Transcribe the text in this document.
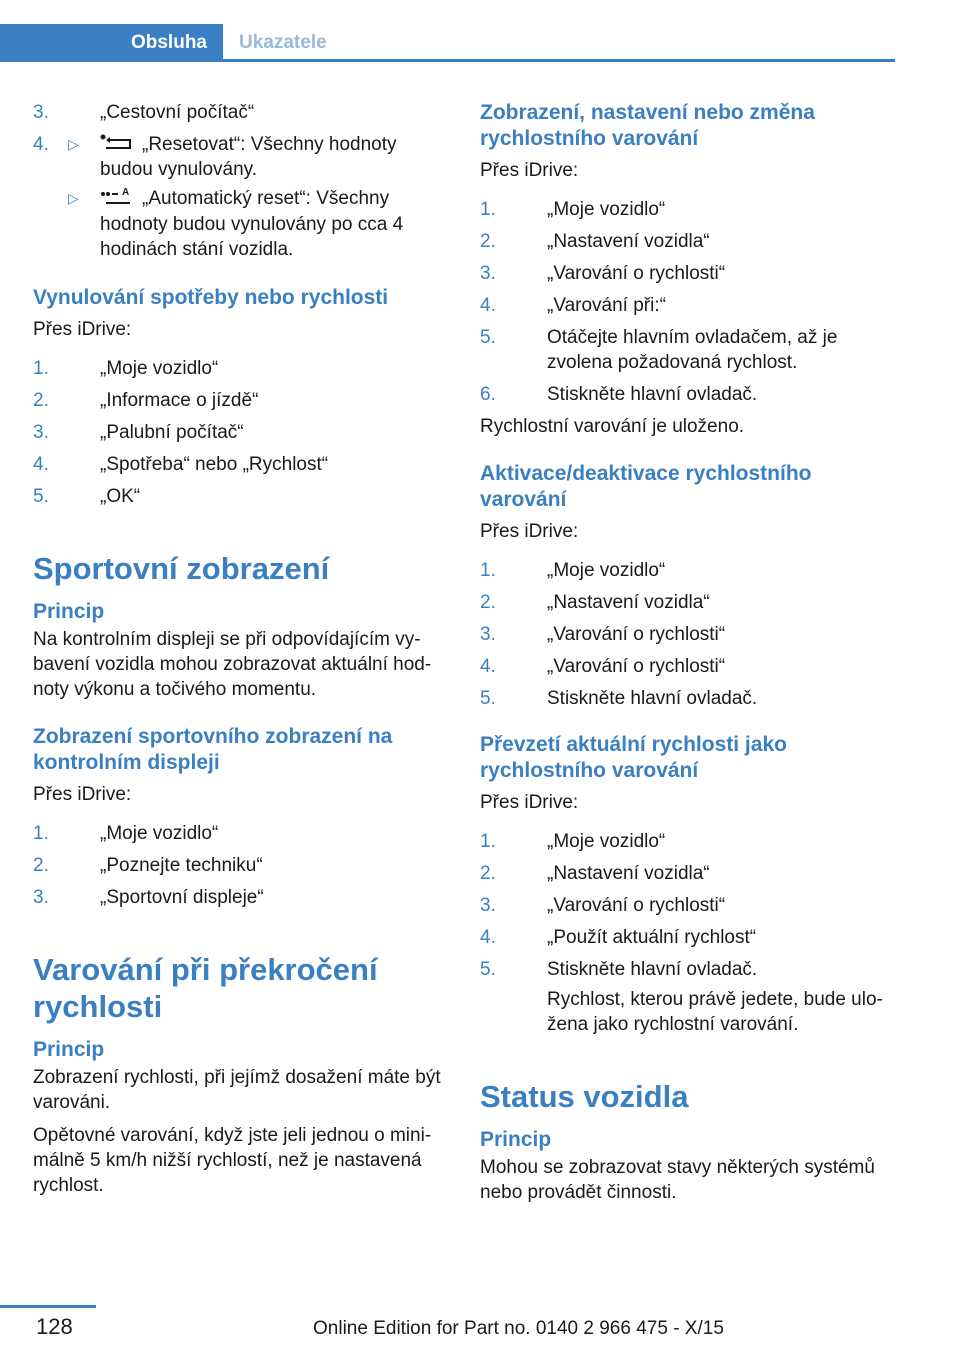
Obsluha	Ukazatele
3.	„Cestovní počítač“
4. ▷	„Resetovat“: Všechny hodnoty budou vynulovány.
▷	A „Automatický reset“: Všechny hodnoty budou vynulovány po cca 4 hodinách stání vozidla.
Vynulování spotřeby nebo rychlosti
Přes iDrive:
1.	„Moje vozidlo“
2.	„Informace o jízdě“
3.	„Palubní počítač“
4.	„Spotřeba“ nebo „Rychlost“
5.	„OK“
Sportovní zobrazení
Princip
Na kontrolním displeji se při odpovídajícím vybavení vozidla mohou zobrazovat aktuální hodnoty výkonu a točivého momentu.
Zobrazení sportovního zobrazení na kontrolním displeji
Přes iDrive:
1.	„Moje vozidlo“
2.	„Poznejte techniku“
3.	„Sportovní displeje“
Varování při překročení rychlosti
Princip
Zobrazení rychlosti, při jejímž dosažení máte být varováni.
Opětovné varování, když jste jeli jednou o minimálně 5 km/h nižší rychlostí, než je nastavená rychlost.
Zobrazení, nastavení nebo změna rychlostního varování
Přes iDrive:
1.	„Moje vozidlo“
2.	„Nastavení vozidla“
3.	„Varování o rychlosti“
4.	„Varování při:“
5.	Otáčejte hlavním ovladačem, až je zvolena požadovaná rychlost.
6.	Stiskněte hlavní ovladač.
Rychlostní varování je uloženo.
Aktivace/deaktivace rychlostního varování
Přes iDrive:
1.	„Moje vozidlo“
2.	„Nastavení vozidla“
3.	„Varování o rychlosti“
4.	„Varování o rychlosti“
5.	Stiskněte hlavní ovladač.
Převzetí aktuální rychlosti jako rychlostního varování
Přes iDrive:
1.	„Moje vozidlo“
2.	„Nastavení vozidla“
3.	„Varování o rychlosti“
4.	„Použít aktuální rychlost“
5.	Stiskněte hlavní ovladač.
Rychlost, kterou právě jedete, bude uložena jako rychlostní varování.
Status vozidla
Princip
Mohou se zobrazovat stavy některých systémů nebo provádět činnosti.
128	Online Edition for Part no. 0140 2 966 475 - X/15
